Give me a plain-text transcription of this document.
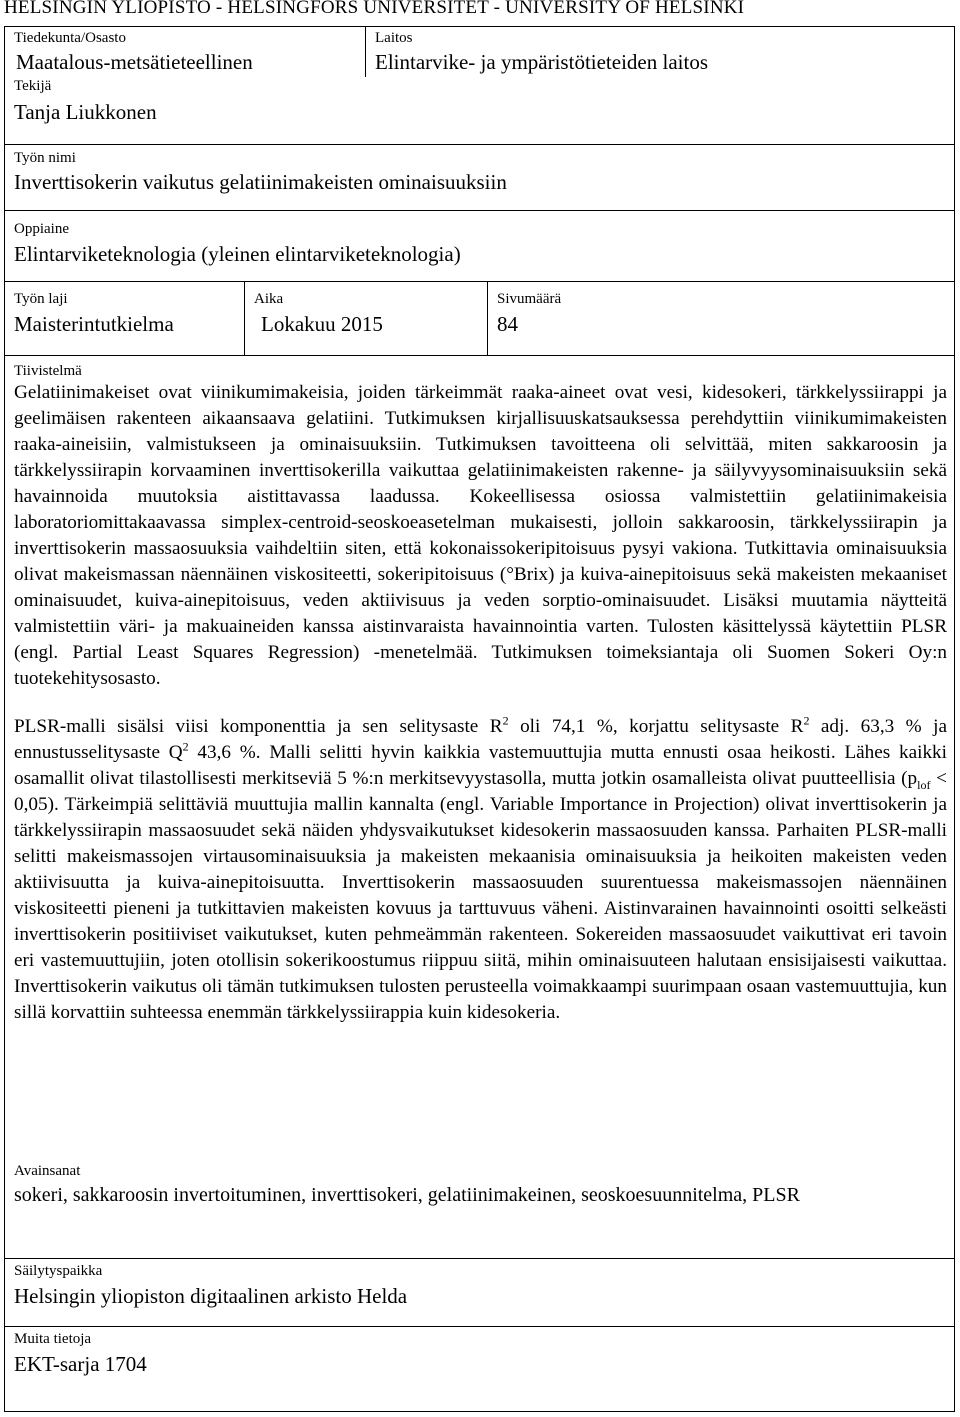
HELSINGIN YLIOPISTO - HELSINGFORS UNIVERSITET - UNIVERSITY OF HELSINKI
Tiedekunta/Osasto
Maatalous-metsätieteellinen
Laitos
Elintarvike- ja ympäristötieteiden laitos
Tekijä
Tanja Liukkonen
Työn nimi
Inverttisokerin vaikutus gelatiinimakeisten ominaisuuksiin
Oppiaine
Elintarviketeknologia (yleinen elintarviketeknologia)
Työn laji
Maisterintutkielma
Aika
Lokakuu 2015
Sivumäärä
84
Tiivistelmä

Gelatiinimakeiset ovat viinikumimakeisia, joiden tärkeimmät raaka-aineet ovat vesi, kidesokeri, tärkkelyssiirappi ja geelimäisen rakenteen aikaansaava gelatiini. Tutkimuksen kirjallisuuskatsauksessa perehdyttiin viinikumimakeisten raaka-aineisiin, valmistukseen ja ominaisuuksiin. Tutkimuksen tavoitteena oli selvittää, miten sakkaroosin ja tärkkelyssiirapin korvaaminen inverttisokerilla vaikuttaa gelatiinimakeisten rakenne- ja säilyvyysominaisuuksiin sekä havainnoida muutoksia aistittavassa laadussa. Kokeellisessa osiossa valmistettiin gelatiinimakeisia laboratoriomittakaavassa simplex-centroid-seoskoeasetelman mukaisesti, jolloin sakkaroosin, tärkkelyssiirapin ja inverttisokerin massaosuuksia vaihdeltiin siten, että kokonaissokeripitoisuus pysyi vakiona. Tutkittavia ominaisuuksia olivat makeismassan näennäinen viskositeetti, sokeripitoisuus (°Brix) ja kuiva-ainepitoisuus sekä makeisten mekaaniset ominaisuudet, kuiva-ainepitoisuus, veden aktiivisuus ja veden sorptio-ominaisuudet. Lisäksi muutamia näytteitä valmistettiin väri- ja makuaineiden kanssa aistinvaraista havainnointia varten. Tulosten käsittelyssä käytettiin PLSR (engl. Partial Least Squares Regression) -menetelmää. Tutkimuksen toimeksiantaja oli Suomen Sokeri Oy:n tuotekehitysosasto.

PLSR-malli sisälsi viisi komponenttia ja sen selitysaste $R^2$ oli 74,1 %, korjattu selitysaste $R^2$ adj. 63,3 % ja ennustusselitysaste $Q^2$ 43,6 %. Malli selitti hyvin kaikkia vastemuuttujia mutta ennusti osaa heikosti. Lähes kaikki osamallit olivat tilastollisesti merkitseviä 5 %:n merkitsevyystasolla, mutta jotkin osamalleista olivat puutteellisia $(p_{lof} < 0,05)$. Tärkeimpiä selittäviä muuttujia mallin kannalta (engl. Variable Importance in Projection) olivat inverttisokerin ja tärkkelyssiirapin massaosuudet sekä näiden yhdysvaikutukset kidesokerin massaosuuden kanssa. Parhaiten PLSR-malli selitti makeismassojen virtausominaisuuksia ja makeisten mekaanisia ominaisuuksia ja heikoiten makeisten veden aktiivisuutta ja kuiva-ainepitoisuutta. Inverttisokerin massaosuuden suurentuessa makeismassojen näennäinen viskositeetti pieneni ja tutkittavien makeisten kovuus ja tarttuvuus väheni. Aistinvarainen havainnointi osoitti selkeästi inverttisokerin positiiviset vaikutukset, kuten pehmeämmän rakenteen. Sokereiden massaosuudet vaikuttivat eri tavoin eri vastemuuttujiin, joten otollisin sokerikoostumus riippuu siitä, mihin ominaisuuteen halutaan ensisijaisesti vaikuttaa. Inverttisokerin vaikutus oli tämän tutkimuksen tulosten perusteella voimakkaampi suurimpaan osaan vastemuuttujia, kun sillä korvattiin suhteessa enemmän tärkkelyssiirappia kuin kidesokeria.

Avainsanat
sokeri, sakkaroosin invertoituminen, inverttisokeri, gelatiinimakeinen, seoskoesuunnitelma, PLSR
Säilytyspaikka
Helsingin yliopiston digitaalinen arkisto Helda
Muita tietoja
EKT-sarja 1704
